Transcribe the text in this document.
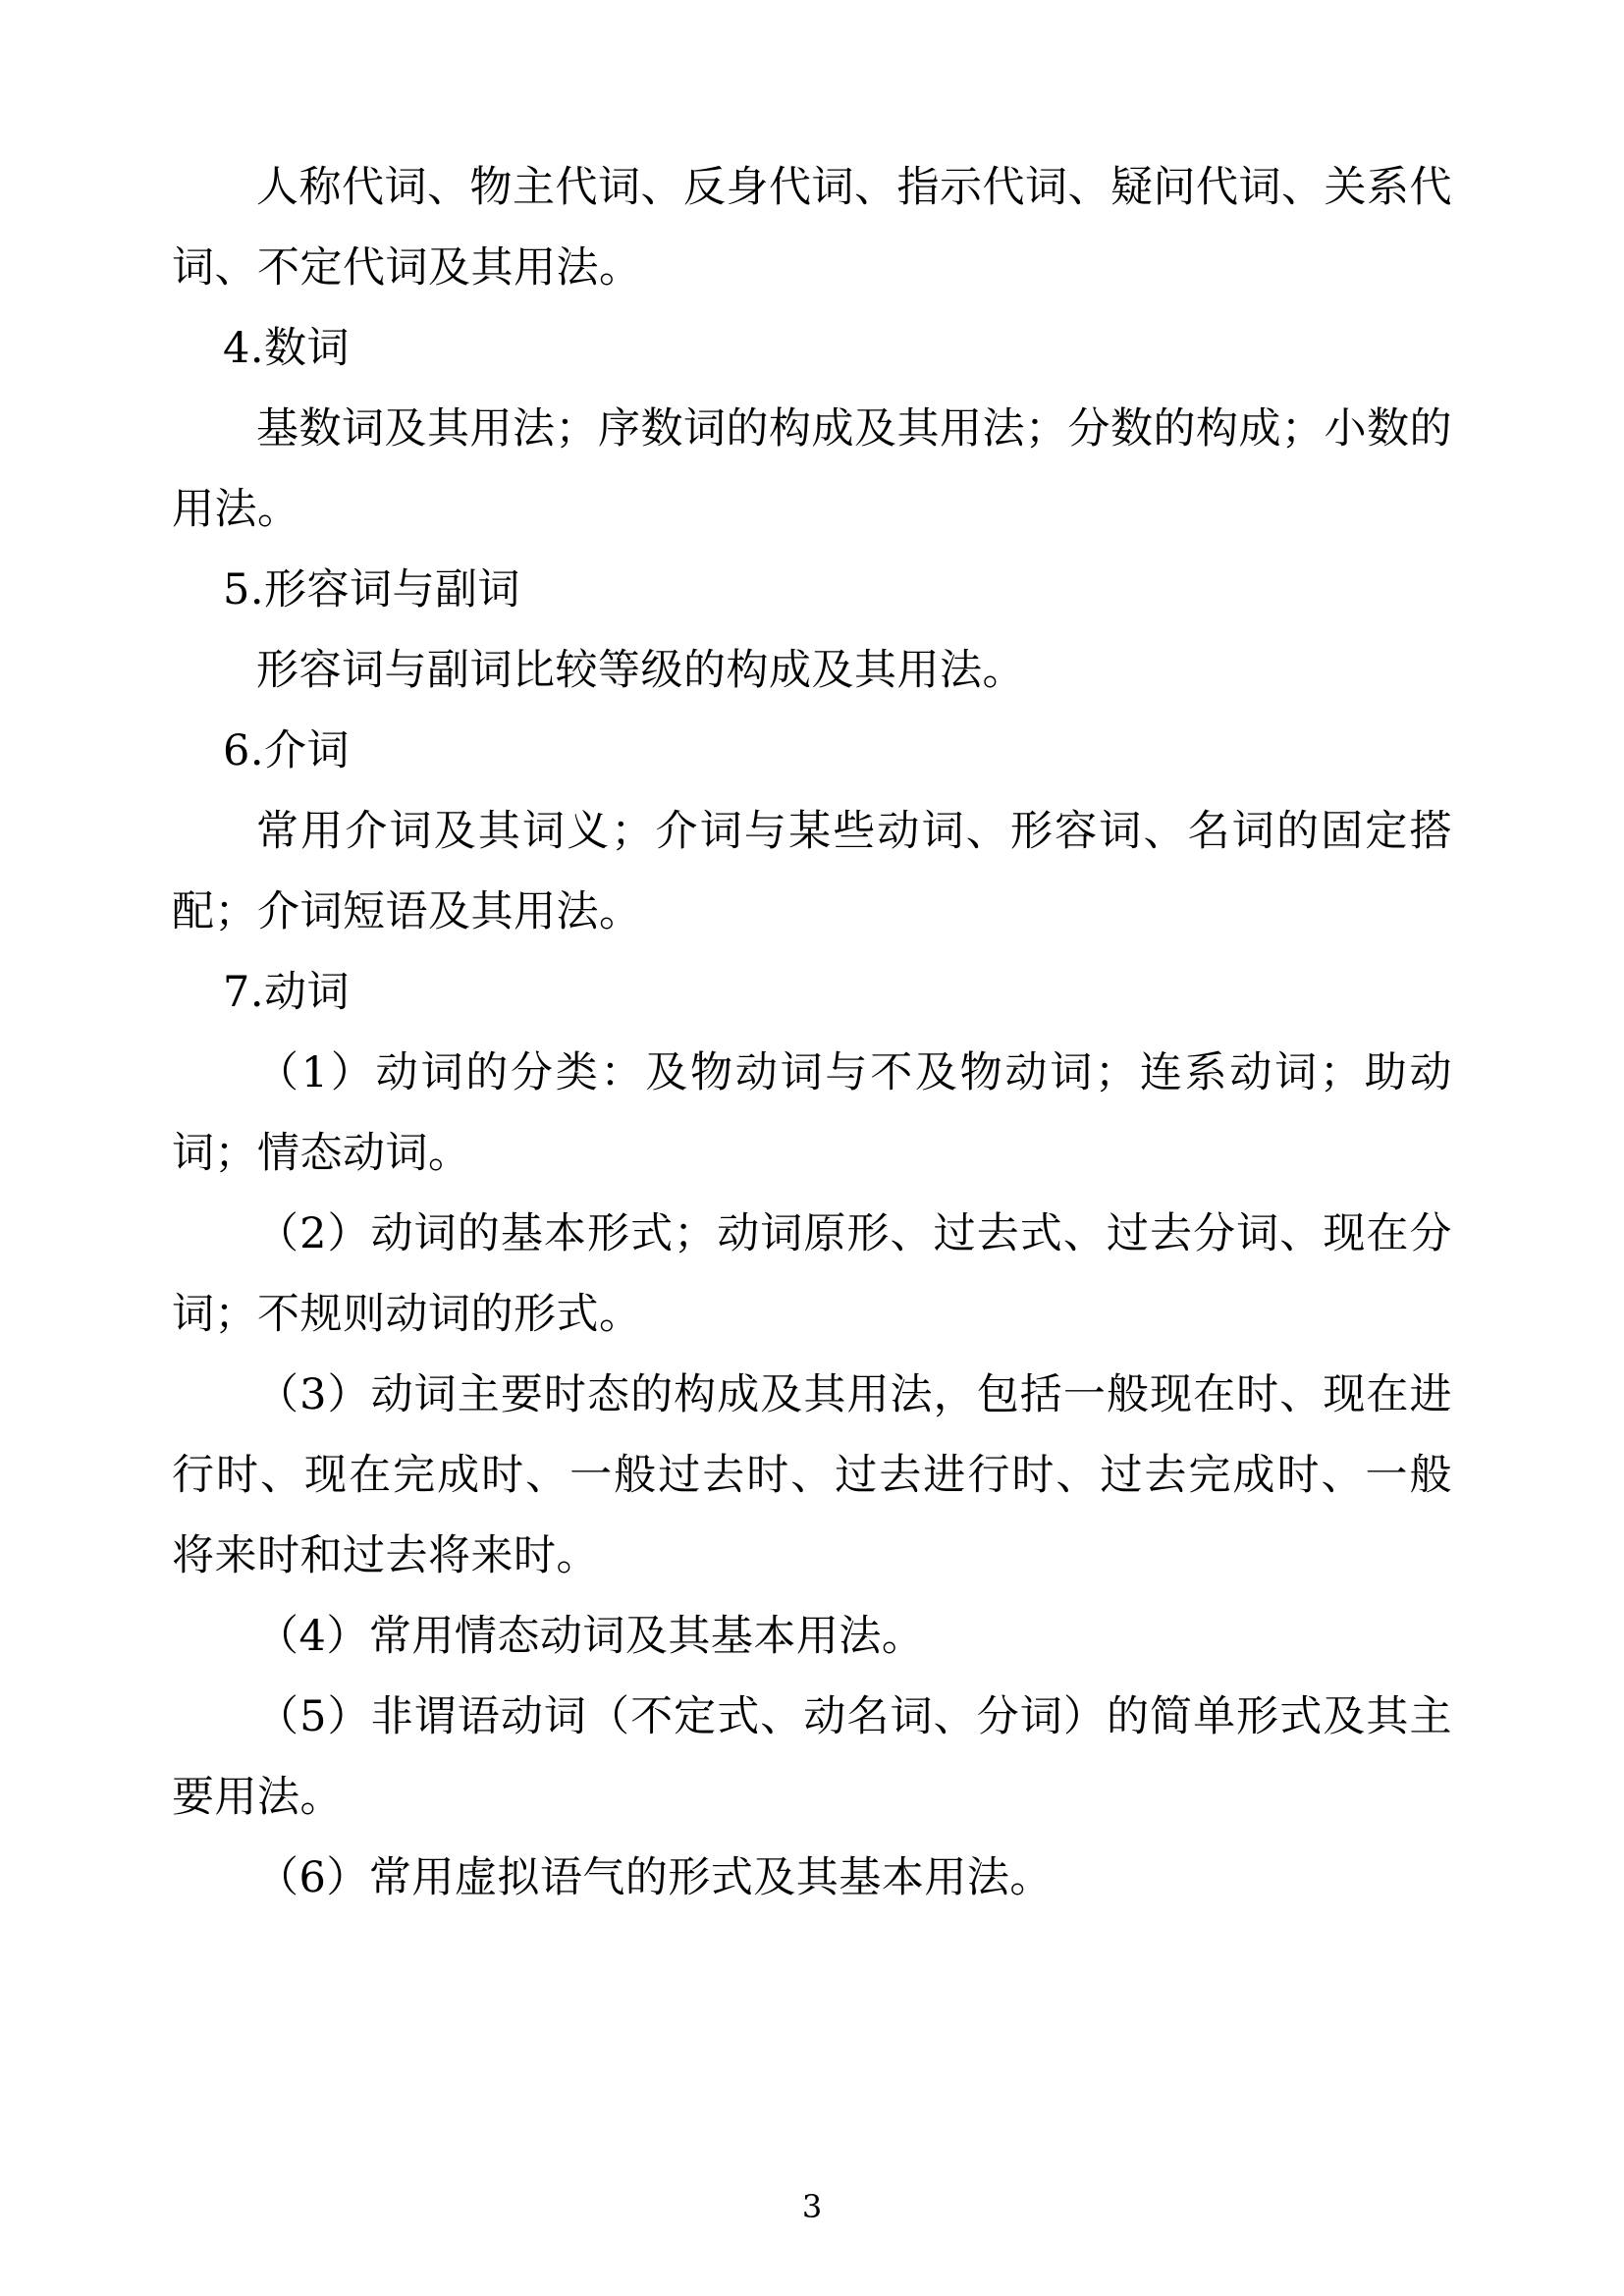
人称代词、物主代词、反身代词、指示代词、疑问代词、关系代词、不定代词及其用法。

4.数词

基数词及其用法；序数词的构成及其用法；分数的构成；小数的用法。

5.形容词与副词

形容词与副词比较等级的构成及其用法。

6.介词

常用介词及其词义；介词与某些动词、形容词、名词的固定搭配；介词短语及其用法。

7.动词

（1）动词的分类：及物动词与不及物动词；连系动词；助动词；情态动词。

（2）动词的基本形式；动词原形、过去式、过去分词、现在分词；不规则动词的形式。

（3）动词主要时态的构成及其用法，包括一般现在时、现在进行时、现在完成时、一般过去时、过去进行时、过去完成时、一般将来时和过去将来时。

（4）常用情态动词及其基本用法。

（5）非谓语动词（不定式、动名词、分词）的简单形式及其主要用法。

（6）常用虚拟语气的形式及其基本用法。

3
